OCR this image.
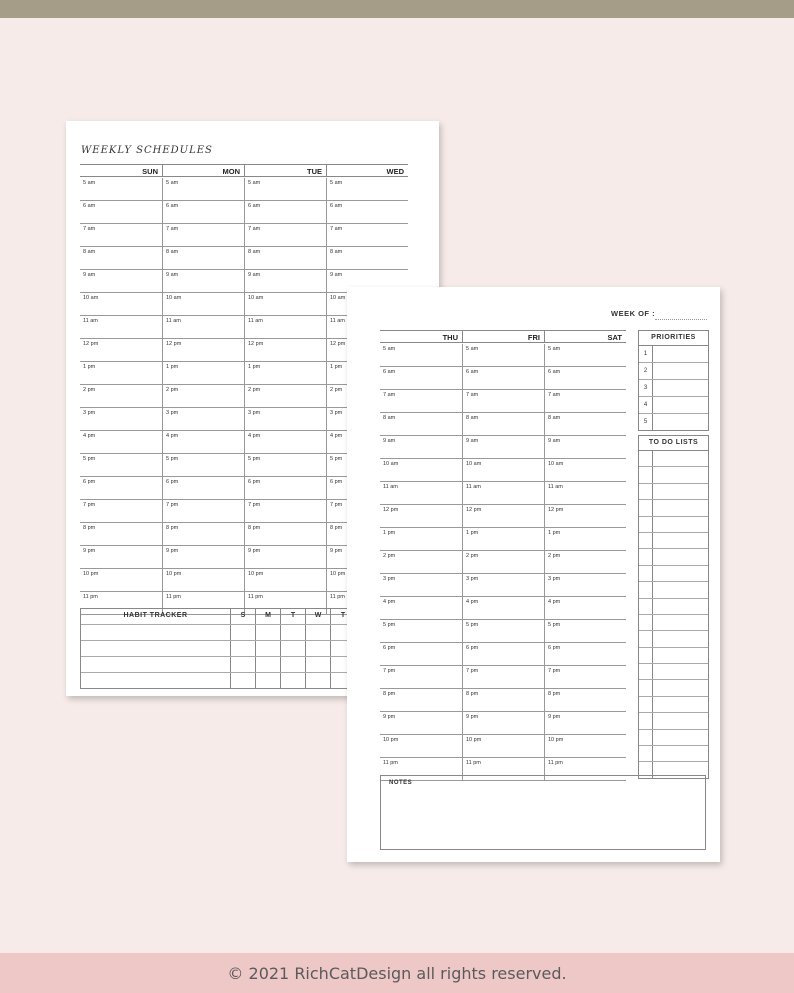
WEEKLY SCHEDULES
SUN	MON	TUE	WED
5 am	5 am	5 am	5 am
6 am	6 am	6 am	6 am
7 am	7 am	7 am	7 am
8 am	8 am	8 am	8 am
9 am	9 am	9 am	9 am
10 am	10 am	10 am	10 am
11 am	11 am	11 am	11 am
12 pm	12 pm	12 pm	12 pm
1 pm	1 pm	1 pm	1 pm
2 pm	2 pm	2 pm	2 pm
3 pm	3 pm	3 pm	3 pm
4 pm	4 pm	4 pm	4 pm
5 pm	5 pm	5 pm	5 pm
6 pm	6 pm	6 pm	6 pm
7 pm	7 pm	7 pm	7 pm
8 pm	8 pm	8 pm	8 pm
9 pm	9 pm	9 pm	9 pm
10 pm	10 pm	10 pm	10 pm
11 pm	11 pm	11 pm	11 pm
HABIT TRACKER	S	M	T	W	T
WEEK OF :
THU	FRI	SAT
5 am	5 am	5 am
6 am	6 am	6 am
7 am	7 am	7 am
8 am	8 am	8 am
9 am	9 am	9 am
10 am	10 am	10 am
11 am	11 am	11 am
12 pm	12 pm	12 pm
1 pm	1 pm	1 pm
2 pm	2 pm	2 pm
3 pm	3 pm	3 pm
4 pm	4 pm	4 pm
5 pm	5 pm	5 pm
6 pm	6 pm	6 pm
7 pm	7 pm	7 pm
8 pm	8 pm	8 pm
9 pm	9 pm	9 pm
10 pm	10 pm	10 pm
11 pm	11 pm	11 pm
PRIORITIES
1
2
3
4
5
TO DO LISTS
NOTES
© 2021 RichCatDesign all rights reserved.
